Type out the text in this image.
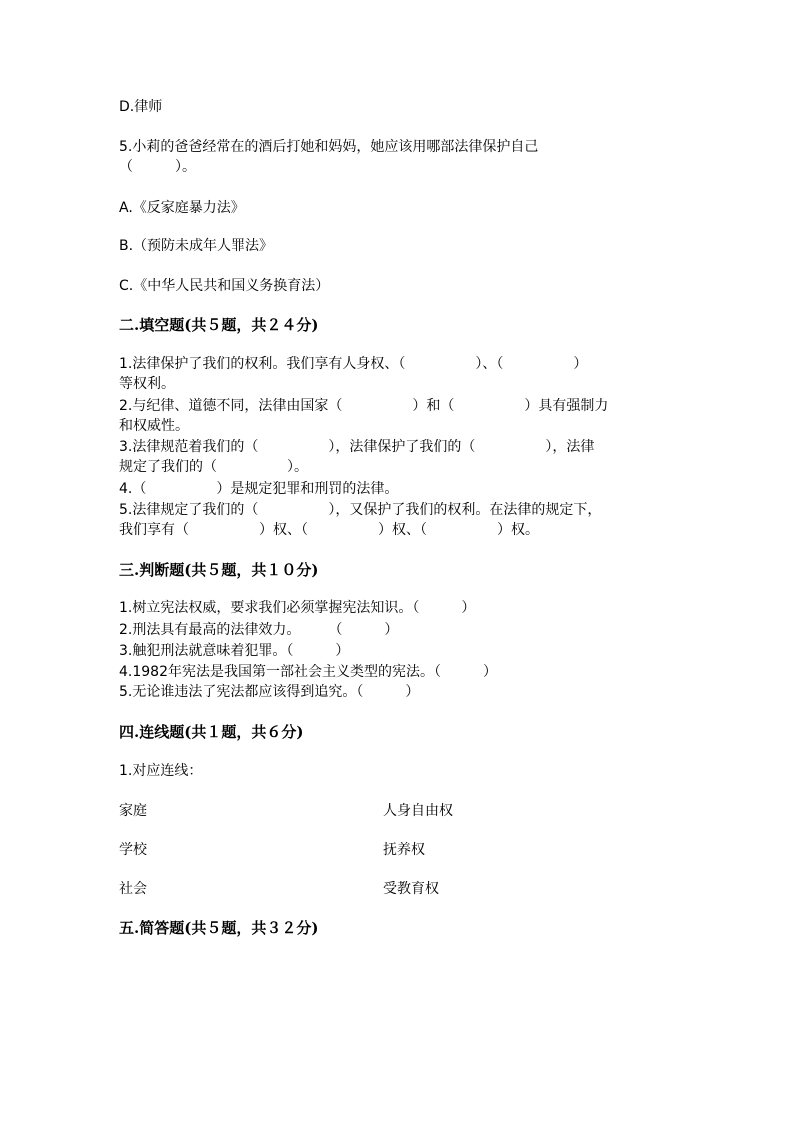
D.律师

5.小莉的爸爸经常在的酒后打她和妈妈，她应该用哪部法律保护自己

（　　　）。

A.《反家庭暴力法》

B.（预防未成年人罪法》

C.《中华人民共和国义务换育法）

二.填空题(共５题，共２４分)

1.法律保护了我们的权利。我们享有人身权、（　　　　　）、（　　　　　）

等权利。

2.与纪律、道德不同，法律由国家（　　　　　）和（　　　　　）具有强制力

和权威性。

3.法律规范着我们的（　　　　　），法律保护了我们的（　　　　　），法律

规定了我们的（　　　　　）。

4.（　　　　　）是规定犯罪和刑罚的法律。

5.法律规定了我们的（　　　　　），又保护了我们的权利。在法律的规定下，

我们享有（　　　　　）权、（　　　　　）权、（　　　　　）权。

三.判断题(共５题，共１０分)

1.树立宪法权威，要求我们必须掌握宪法知识。（　　　）

2.刑法具有最高的法律效力。　　　（　　　）

3.触犯刑法就意味着犯罪。（　　　）

4.1982年宪法是我国第一部社会主义类型的宪法。（　　　）

5.无论谁违法了宪法都应该得到追究。（　　　）

四.连线题(共１题，共６分)

1.对应连线：

家庭	人身自由权

学校	抚养权

社会	受教育权

五.简答题(共５题，共３２分)
